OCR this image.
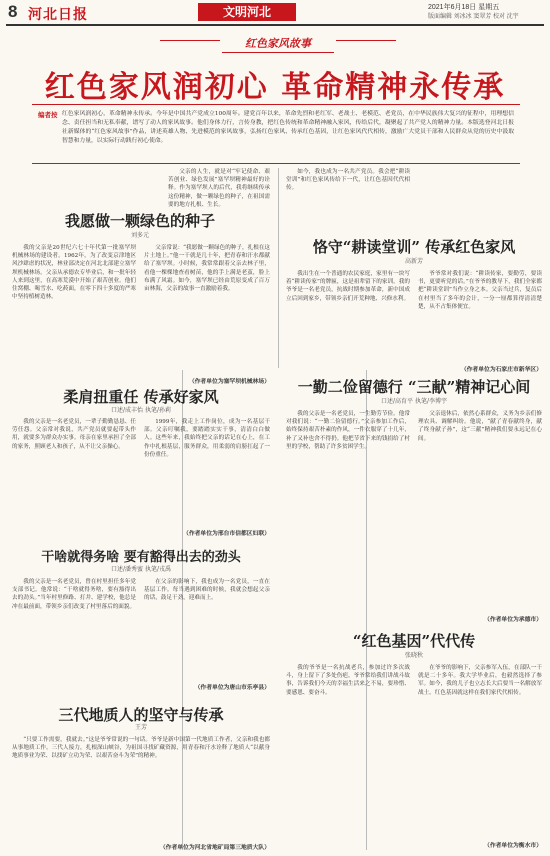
8 河北日报	文明河北	2021年6月18日 星期五
版面编辑 刘冰冰 窦翠芳 校对 沈宇
红色家风故事
红色家风润初心 革命精神永传承
编者按 红色家风润初心，革命精神永传承。今年是中国共产党成立100周年。建党百年以来，革命先烈和老红军、老战士、老模范、老党员，在中华民族伟大复兴的征程中，用理想信念、责任担当和无私奉献，谱写了动人的家风故事。他们身体力行，言传身教，把红色传统和革命精神融入家风，传给后代，凝聚起了共产党人的精神力量。本版选登河北日报社新媒体的“红色家风故事”作品，讲述英雄人物、先进模范的家风故事，弘扬红色家风、传承红色基因，让红色家风代代相传，激励广大党员干部和人民群众从党的历史中汲取智慧和力量，以实际行动践行初心使命。
我愿做一颗绿色的种子
刘多元
我的父亲是20世纪六七十年代第一批塞罕坝机械林场的建设者。1962年，为了改变京津地区风沙肆虐的状况，林业部决定在河北北部建立塞罕坝机械林场。父亲从承德农专毕业后，和一批年轻人来到这里，在高寒荒漠中开始了艰苦创业。他们住窝棚、喝雪水、吃莜面，在零下四十多度的严寒中坚持植树造林。
父亲常说：“我愿做一颗绿色的种子，扎根在这片土地上。”他一干就是几十年，把青春和汗水都献给了塞罕坝。小时候，我常常跟着父亲去林子里，看他一棵棵地查看树苗，他的手上满是老茧，脸上布满了风霜。如今，塞罕坝已经由荒原变成了百万亩林海，父亲的故事一直激励着我。
父亲的人生，就是对“牢记使命、艰苦创业、绿色发展”塞罕坝精神最好的诠释。作为塞罕坝人的后代，我将继续传承这份精神，做一颗绿色的种子，在祖国需要的地方扎根、生长。
（作者单位为塞罕坝机械林场）
柔肩扭重任 传承好家风
口述/成丰怡 执笔/孙莉
我的父亲是一名老党员，一辈子勤勤恳恳、任劳任怨。父亲常对我说，共产党员就要起带头作用，就要多为群众办实事。母亲在家里承担了全部的家务，照顾老人和孩子，从不让父亲操心。
1999年，我走上工作岗位，成为一名基层干部。父亲叮嘱我，要踏踏实实干事，清清白白做人。这些年来，我始终把父亲的话记在心上，在工作中扎根基层，服务群众，用柔弱的肩膀扛起了一份份重任。
（作者单位为邢台市信都区妇联）
干啥就得务啥 要有豁得出去的劲头
口述/潘秀蜜 执笔/戎禹
我的父亲是一名老党员，曾在村里担任多年党支部书记。他常说：“干啥就得务啥，要有豁得出去的劲头。”当年村里修路、打井、建学校，他总是冲在最前面，带领乡亲们改变了村里落后的面貌。
在父亲的影响下，我也成为一名党员，一直在基层工作。每当遇到困难的时候，我就会想起父亲的话，鼓足干劲，迎难而上。
（作者单位为唐山市乐亭县）
三代地质人的坚守与传承
王芳
“只要工作需要，我就去。”这是爷爷常说的一句话。爷爷是新中国第一代地质工作者，父亲和我也都从事地质工作。三代人接力，扎根深山峡谷，为祖国寻找矿藏资源，用青春和汗水诠释了地质人“以献身地质事业为荣、以找矿立功为荣、以艰苦奋斗为荣”的精神。
（作者单位为河北省地矿局第三地质大队）
如今，我也成为一名共产党员。我会把“耕读堂训”和红色家风传给下一代，让红色基因代代相传。
恪守“耕读堂训” 传承红色家风
高新芳
我出生在一个普通的农民家庭，家里有一块写着“耕读传家”的牌匾，这是祖辈留下的家训。我的爷爷是一名老党员，抗战时期参加革命，新中国成立后回到家乡，带领乡亲们开荒种地、兴修水利。
爷爷常对我们说：“耕读传家，要勤劳，要读书，更要听党的话。”在爷爷的教导下，我们全家都把“耕读堂训”当作立身之本。父亲当过兵，复员后在村里当了多年的会计，一分一厘都算得清清楚楚，从不占集体便宜。
（作者单位为石家庄市新华区）
一勤二俭留德行 “三献”精神记心间
口述/高育平 执笔/李博宇
我的父亲是一名老党员，一生勤劳节俭。他常对我们说：“一勤二俭留德行。”父亲参加工作后，始终保持艰苦朴素的作风，一件衣服穿了十几年，补了又补也舍不得扔。他把节省下来的钱捐给了村里的学校，帮助了许多贫困学生。
父亲退休后，依然心系群众，义务为乡亲们修理农具、调解纠纷。他说，“献了青春献终身，献了终身献子孙”，这“三献”精神我们要永远记在心间。
（作者单位为承德市）
“红色基因”代代传
张晓秋
我的爷爷是一名抗战老兵，参加过许多次战斗，身上留下了多处伤疤。爷爷常给我们讲战斗故事，告诉我们今天的幸福生活来之不易，要珍惜、要感恩、要奋斗。
在爷爷的影响下，父亲参军入伍，在部队一干就是二十多年。我大学毕业后，也毅然选择了参军。如今，我的儿子也立志长大后要当一名解放军战士。红色基因就这样在我们家代代相传。
（作者单位为衡水市）
